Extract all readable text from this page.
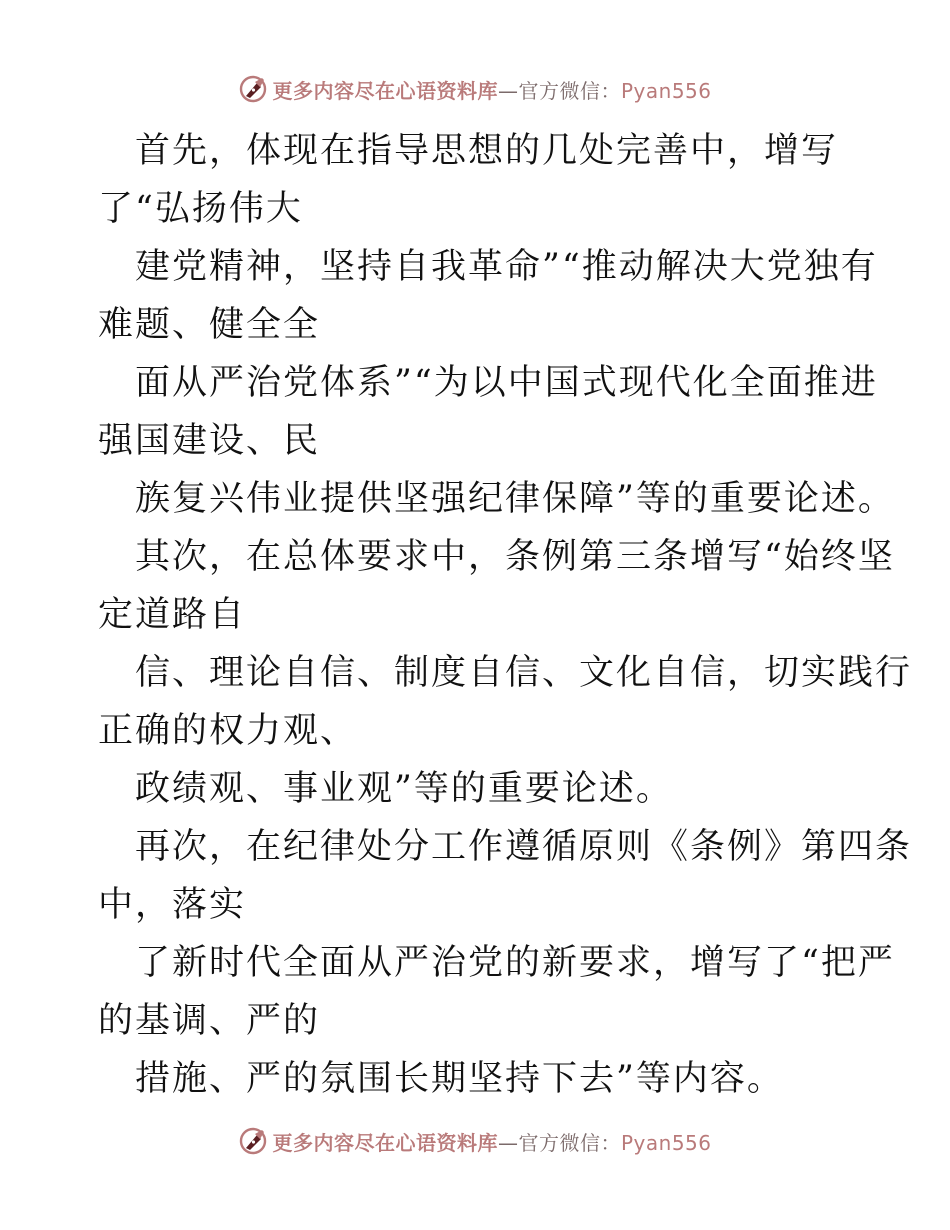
更多内容尽在心语资料库—官方微信：Pyan556
首先，体现在指导思想的几处完善中，增写
了“弘扬伟大
建党精神，坚持自我革命”“推动解决大党独有
难题、健全全
面从严治党体系”“为以中国式现代化全面推进
强国建设、民
族复兴伟业提供坚强纪律保障”等的重要论述。
其次，在总体要求中，条例第三条增写“始终坚
定道路自
信、理论自信、制度自信、文化自信，切实践行
正确的权力观、
政绩观、事业观”等的重要论述。
再次，在纪律处分工作遵循原则《条例》第四条
中，落实
了新时代全面从严治党的新要求，增写了“把严
的基调、严的
措施、严的氛围长期坚持下去”等内容。
更多内容尽在心语资料库—官方微信：Pyan556
